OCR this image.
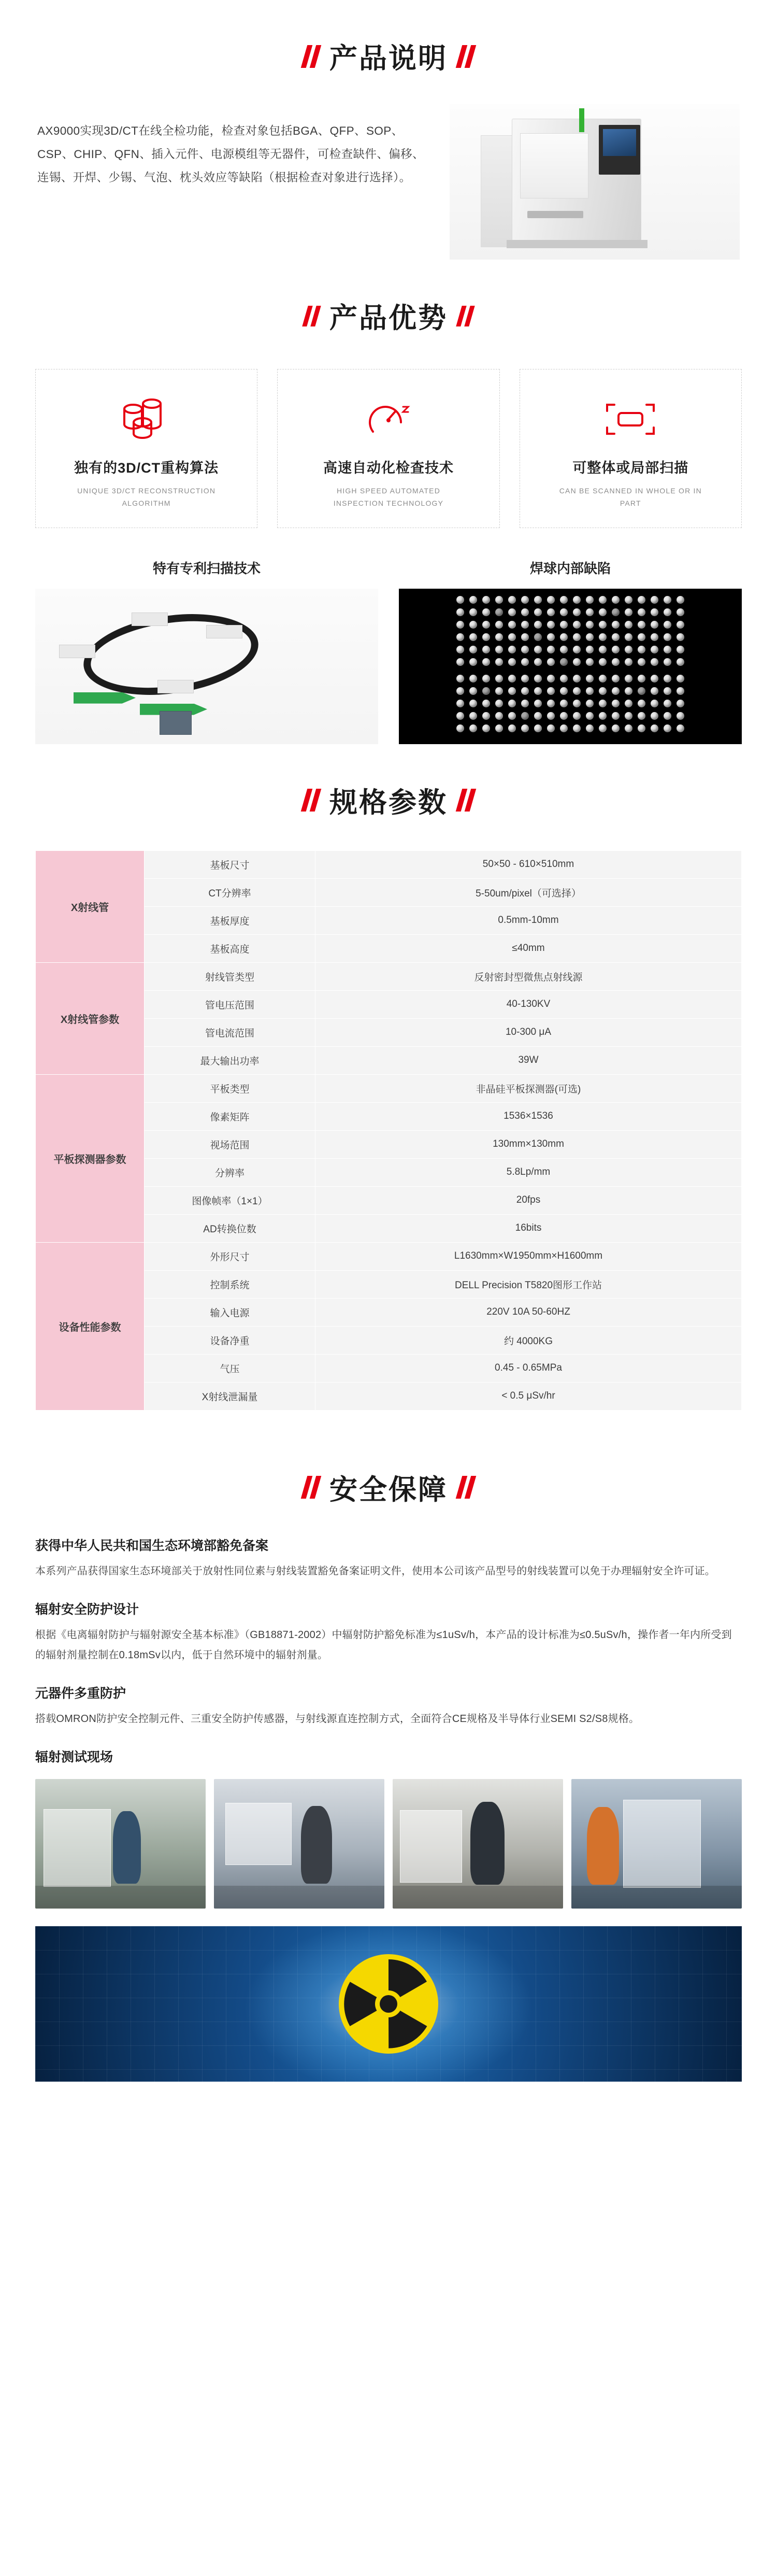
产品说明

AX9000实现3D/CT在线全检功能，检查对象包括BGA、QFP、SOP、CSP、CHIP、QFN、插入元件、电源模组等无器件，可检查缺件、偏移、连锡、开焊、少锡、气泡、枕头效应等缺陷（根据检查对象进行选择）。

产品优势
独有的3D/CT重构算法
UNIQUE 3D/CT RECONSTRUCTION ALGORITHM
高速自动化检查技术
HIGH SPEED AUTOMATED INSPECTION TECHNOLOGY
可整体或局部扫描
CAN BE SCANNED IN WHOLE OR IN PART
特有专利扫描技术	焊球内部缺陷
规格参数
X射线管	基板尺寸	50×50 - 610×510mm
	CT分辨率	5-50um/pixel（可选择）
	基板厚度	0.5mm-10mm
	基板高度	≤40mm
X射线管参数	射线管类型	反射密封型微焦点射线源
	管电压范围	40-130KV
	管电流范围	10-300 μA
	最大输出功率	39W
平板探测器参数	平板类型	非晶硅平板探测器(可选)
	像素矩阵	1536×1536
	视场范围	130mm×130mm
	分辨率	5.8Lp/mm
	图像帧率（1×1）	20fps
	AD转换位数	16bits
设备性能参数	外形尺寸	L1630mm×W1950mm×H1600mm
	控制系统	DELL Precision T5820图形工作站
	输入电源	220V 10A 50-60HZ
	设备净重	约 4000KG
	气压	0.45 - 0.65MPa
	X射线泄漏量	< 0.5 μSv/hr
安全保障
获得中华人民共和国生态环境部豁免备案

本系列产品获得国家生态环境部关于放射性同位素与射线装置豁免备案证明文件，使用本公司该产品型号的射线装置可以免于办理辐射安全许可证。

辐射安全防护设计

根据《电离辐射防护与辐射源安全基本标准》（GB18871-2002）中辐射防护豁免标准为≤1uSv/h，本产品的设计标准为≤0.5uSv/h，操作者一年内所受到的辐射剂量控制在0.18mSv以内，低于自然环境中的辐射剂量。

元器件多重防护

搭载OMRON防护安全控制元件、三重安全防护传感器，与射线源直连控制方式，全面符合CE规格及半导体行业SEMI S2/S8规格。

辐射测试现场
